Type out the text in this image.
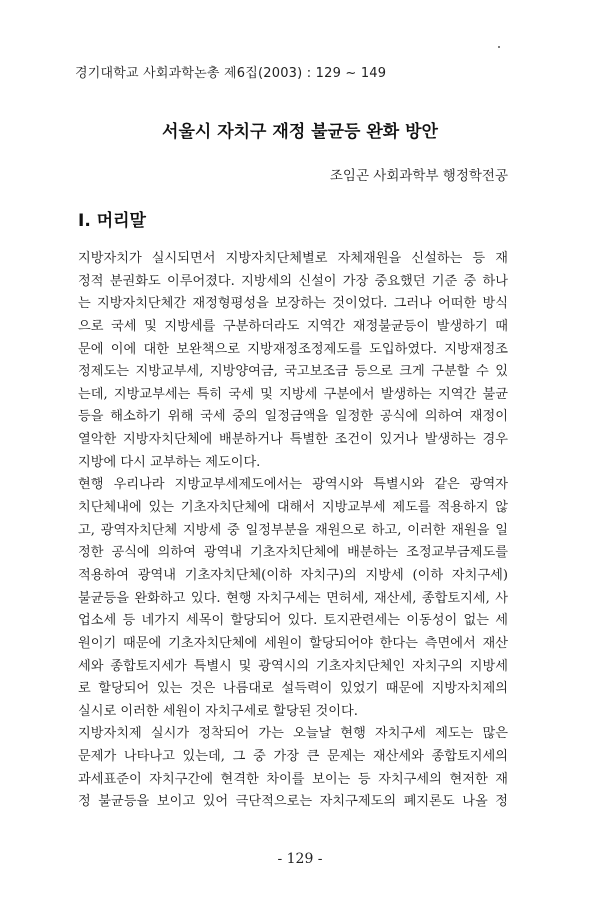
경기대학교 사회과학논총 제6집(2003) : 129 ~ 149
서울시 자치구 재정 불균등 완화 방안
조임곤 사회과학부 행정학전공
Ⅰ. 머리말
지방자치가 실시되면서 지방자치단체별로 자체재원을 신설하는 등 재
정적 분권화도 이루어졌다. 지방세의 신설이 가장 중요했던 기준 중 하나
는 지방자치단체간 재정형평성을 보장하는 것이었다. 그러나 어떠한 방식
으로 국세 및 지방세를 구분하더라도 지역간 재정불균등이 발생하기 때
문에 이에 대한 보완책으로 지방재정조정제도를 도입하였다. 지방재정조
정제도는 지방교부세, 지방양여금, 국고보조금 등으로 크게 구분할 수 있
는데, 지방교부세는 특히 국세 및 지방세 구분에서 발생하는 지역간 불균
등을 해소하기 위해 국세 중의 일정금액을 일정한 공식에 의하여 재정이
열악한 지방자치단체에 배분하거나 특별한 조건이 있거나 발생하는 경우
지방에 다시 교부하는 제도이다.
현행 우리나라 지방교부세제도에서는 광역시와 특별시와 같은 광역자
치단체내에 있는 기초자치단체에 대해서 지방교부세 제도를 적용하지 않
고, 광역자치단체 지방세 중 일정부분을 재원으로 하고, 이러한 재원을 일
정한 공식에 의하여 광역내 기초자치단체에 배분하는 조정교부금제도를
적용하여 광역내 기초자치단체(이하 자치구)의 지방세 (이하 자치구세)
불균등을 완화하고 있다. 현행 자치구세는 면허세, 재산세, 종합토지세, 사
업소세 등 네가지 세목이 할당되어 있다. 토지관련세는 이동성이 없는 세
원이기 때문에 기초자치단체에 세원이 할당되어야 한다는 측면에서 재산
세와 종합토지세가 특별시 및 광역시의 기초자치단체인 자치구의 지방세
로 할당되어 있는 것은 나름대로 설득력이 있었기 때문에 지방자치제의
실시로 이러한 세원이 자치구세로 할당된 것이다.
지방자치제 실시가 정착되어 가는 오늘날 현행 자치구세 제도는 많은
문제가 나타나고 있는데, 그 중 가장 큰 문제는 재산세와 종합토지세의
과세표준이 자치구간에 현격한 차이를 보이는 등 자치구세의 현저한 재
정 불균등을 보이고 있어 극단적으로는 자치구제도의 폐지론도 나올 정
- 129 -
